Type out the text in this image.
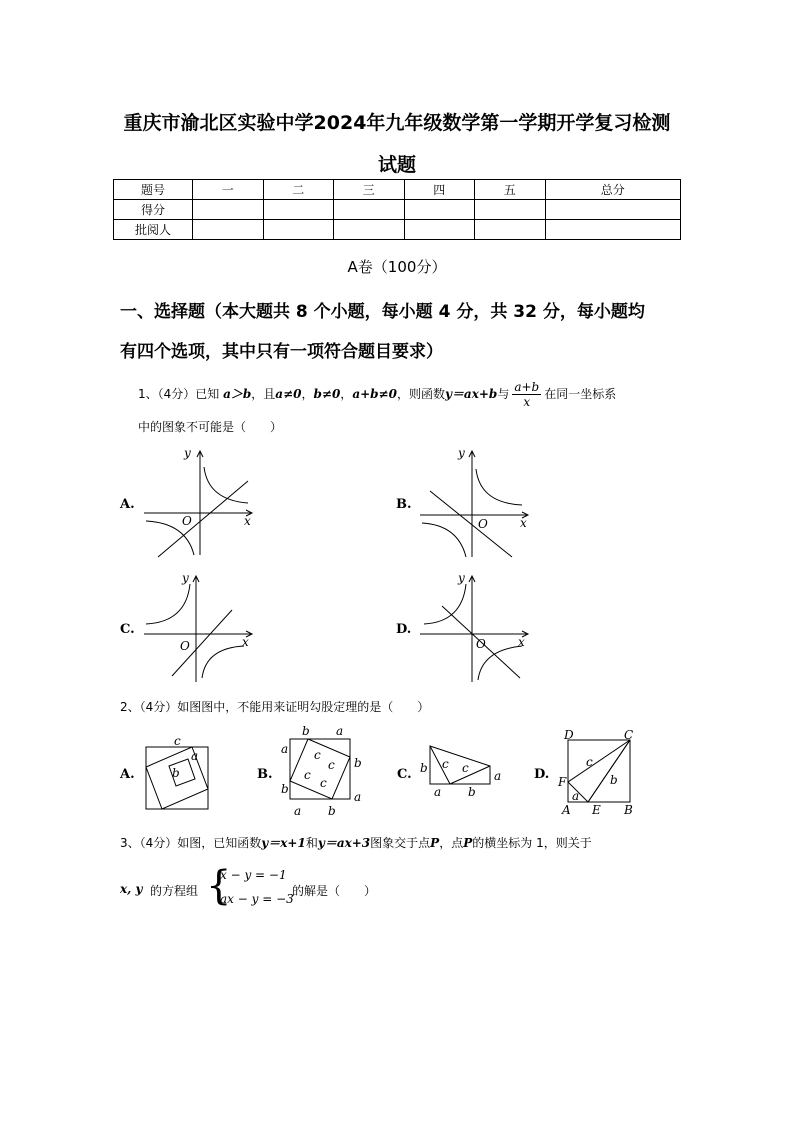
重庆市渝北区实验中学2024年九年级数学第一学期开学复习检测
试题
题号	一	二	三	四	五	总分
得分						
批阅人						
A卷（100分）
一、选择题（本大题共 8 个小题，每小题 4 分，共 32 分，每小题均
有四个选项，其中只有一项符合题目要求）
1、（4分）已知 a＞b，且a≠0，b≠0，a+b≠0，则函数y＝ax+b与 $\frac{a+b}{x}$ 在同一坐标系
中的图象不可能是（　　）
A.	B.
C.	D.
x
y
O	x
y
O
x
y
O	x
y
O
2、（4分）如图图中，不能用来证明勾股定理的是（　　）
A.	B.	C.	D.
c
a
b
b a
a
b
b
a
a b
c
c
c
c
b c c
a
a b
D	C
c
b
F
a
A E B
3、（4分）如图，已知函数y＝x+1和y＝ax+3图象交于点P，点P的横坐标为 1，则关于
x, y 的方程组 {
x − y = −1
ax − y = −3
的解是（　　）
